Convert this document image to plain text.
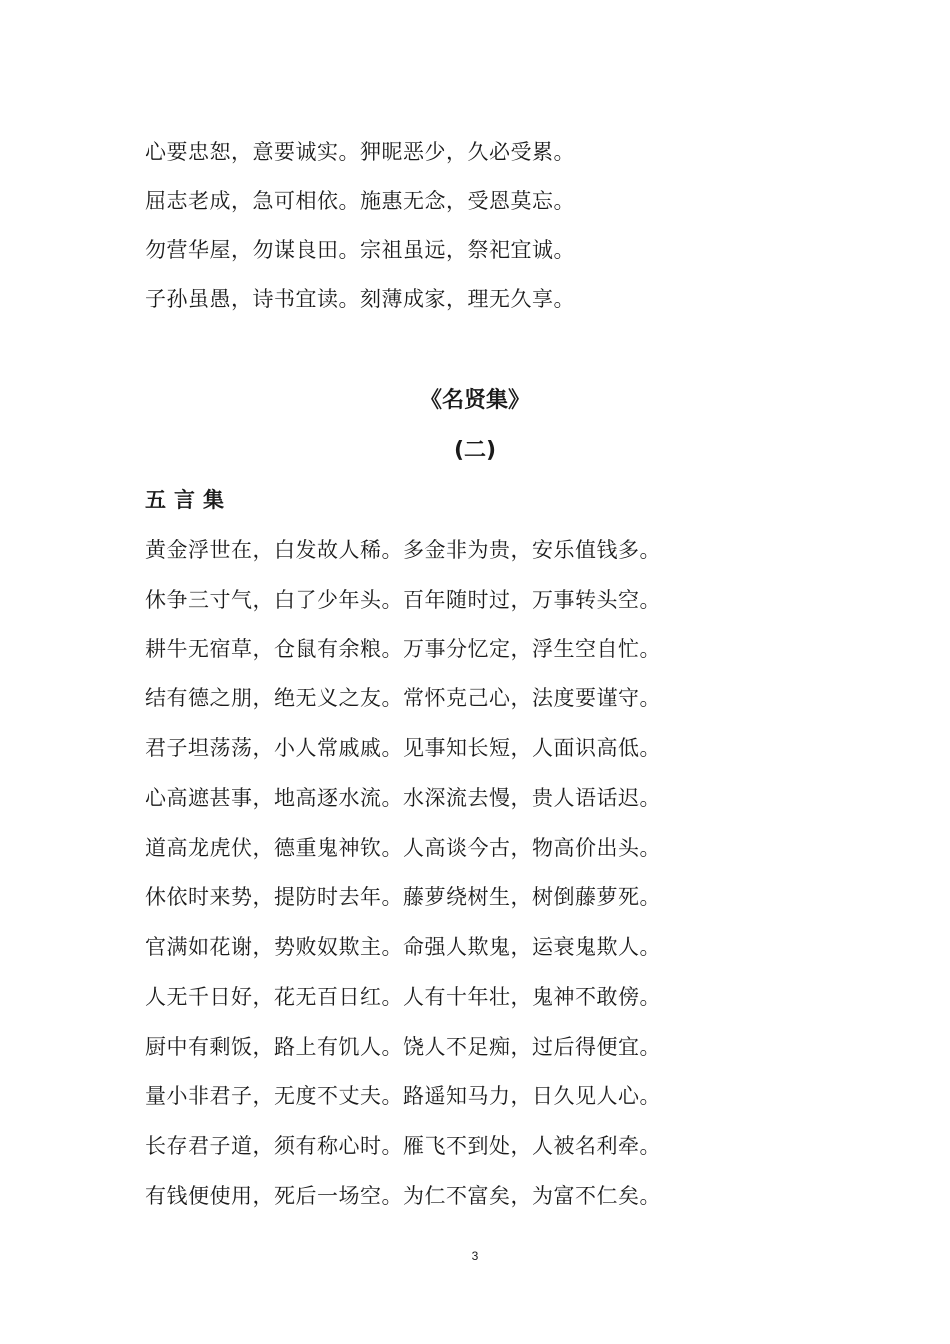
心要忠恕，意要诚实。狎昵恶少，久必受累。
屈志老成，急可相依。施惠无念，受恩莫忘。
勿营华屋，勿谋良田。宗祖虽远，祭祀宜诚。
子孙虽愚，诗书宜读。刻薄成家，理无久享。
《名贤集》
(二)
五言集
黄金浮世在，白发故人稀。多金非为贵，安乐值钱多。
休争三寸气，白了少年头。百年随时过，万事转头空。
耕牛无宿草，仓鼠有余粮。万事分忆定，浮生空自忙。
结有德之朋，绝无义之友。常怀克己心，法度要谨守。
君子坦荡荡，小人常戚戚。见事知长短，人面识高低。
心高遮甚事，地高逐水流。水深流去慢，贵人语话迟。
道高龙虎伏，德重鬼神钦。人高谈今古，物高价出头。
休依时来势，提防时去年。藤萝绕树生，树倒藤萝死。
官满如花谢，势败奴欺主。命强人欺鬼，运衰鬼欺人。
人无千日好，花无百日红。人有十年壮，鬼神不敢傍。
厨中有剩饭，路上有饥人。饶人不足痴，过后得便宜。
量小非君子，无度不丈夫。路遥知马力，日久见人心。
长存君子道，须有称心时。雁飞不到处，人被名利牵。
有钱便使用，死后一场空。为仁不富矣，为富不仁矣。
3
